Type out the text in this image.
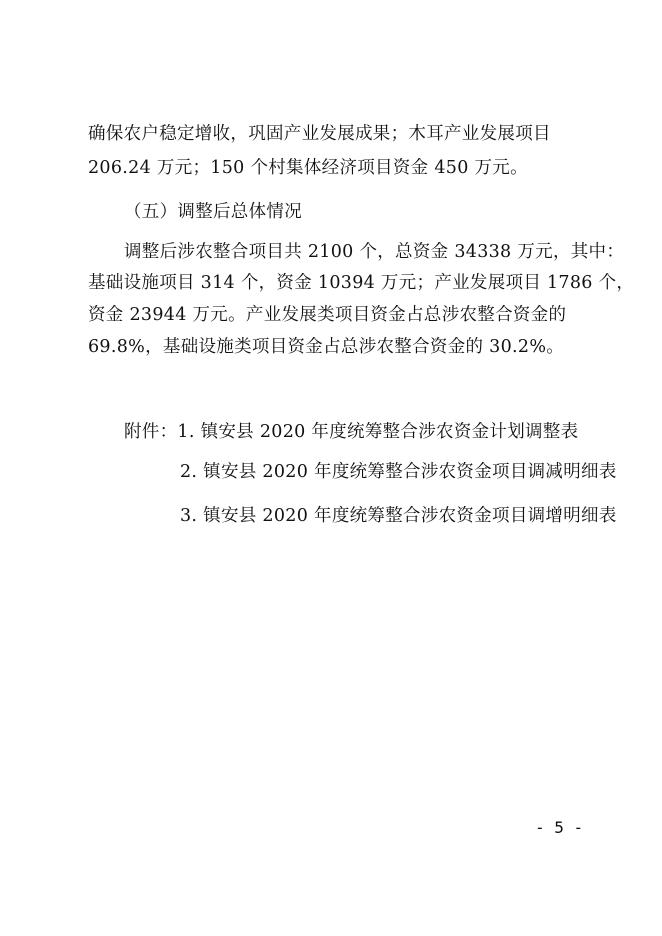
确保农户稳定增收，巩固产业发展成果；木耳产业发展项目
206.24 万元；150 个村集体经济项目资金 450 万元。
（五）调整后总体情况
调整后涉农整合项目共 2100 个，总资金 34338 万元，其中：
基础设施项目 314 个，资金 10394 万元；产业发展项目 1786 个，
资金 23944 万元。产业发展类项目资金占总涉农整合资金的
69.8%，基础设施类项目资金占总涉农整合资金的 30.2%。
附件：1. 镇安县 2020 年度统筹整合涉农资金计划调整表
2. 镇安县 2020 年度统筹整合涉农资金项目调减明细表
3. 镇安县 2020 年度统筹整合涉农资金项目调增明细表
- 5 -
